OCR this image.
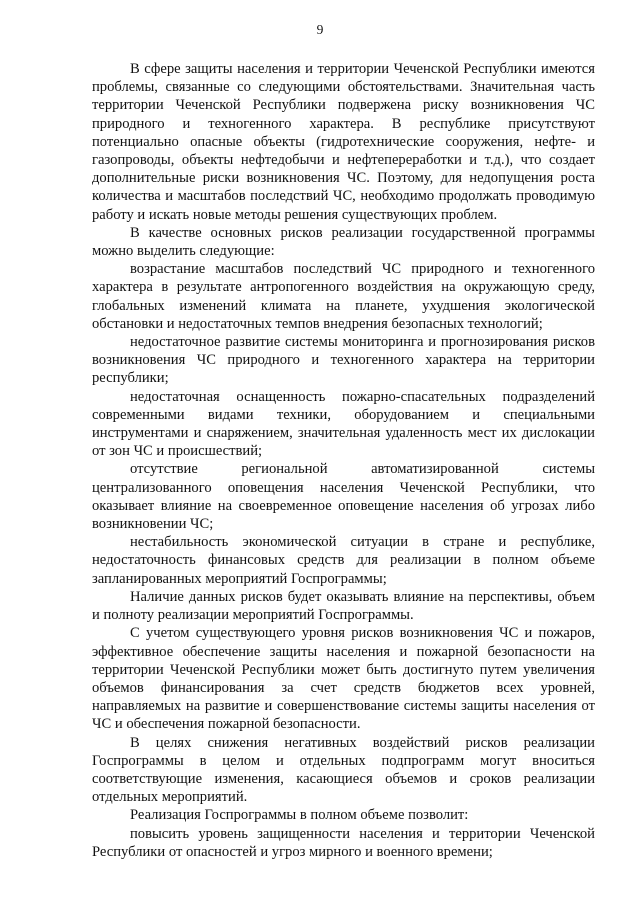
9

В сфере защиты населения и территории Чеченской Республики имеются проблемы, связанные со следующими обстоятельствами. Значительная часть территории Чеченской Республики подвержена риску возникновения ЧС природного и техногенного характера. В республике присутствуют потенциально опасные объекты (гидротехнические сооружения, нефте- и газопроводы, объекты нефтедобычи и нефтепереработки и т.д.), что создает дополнительные риски возникновения ЧС. Поэтому, для недопущения роста количества и масштабов последствий ЧС, необходимо продолжать проводимую работу и искать новые методы решения существующих проблем.

В качестве основных рисков реализации государственной программы можно выделить следующие:

возрастание масштабов последствий ЧС природного и техногенного характера в результате антропогенного воздействия на окружающую среду, глобальных изменений климата на планете, ухудшения экологической обстановки и недостаточных темпов внедрения безопасных технологий;

недостаточное развитие системы мониторинга и прогнозирования рисков возникновения ЧС природного и техногенного характера на территории республики;

недостаточная оснащенность пожарно-спасательных подразделений современными видами техники, оборудованием и специальными инструментами и снаряжением, значительная удаленность мест их дислокации от зон ЧС и происшествий;

отсутствие региональной автоматизированной системы централизованного оповещения населения Чеченской Республики, что оказывает влияние на своевременное оповещение населения об угрозах либо возникновении ЧС;

нестабильность экономической ситуации в стране и республике, недостаточность финансовых средств для реализации в полном объеме запланированных мероприятий Госпрограммы;

Наличие данных рисков будет оказывать влияние на перспективы, объем и полноту реализации мероприятий Госпрограммы.

С учетом существующего уровня рисков возникновения ЧС и пожаров, эффективное обеспечение защиты населения и пожарной безопасности на территории Чеченской Республики может быть достигнуто путем увеличения объемов финансирования за счет средств бюджетов всех уровней, направляемых на развитие и совершенствование системы защиты населения от ЧС и обеспечения пожарной безопасности.

В целях снижения негативных воздействий рисков реализации Госпрограммы в целом и отдельных подпрограмм могут вноситься соответствующие изменения, касающиеся объемов и сроков реализации отдельных мероприятий.

Реализация Госпрограммы в полном объеме позволит:

повысить уровень защищенности населения и территории Чеченской Республики от опасностей и угроз мирного и военного времени;
